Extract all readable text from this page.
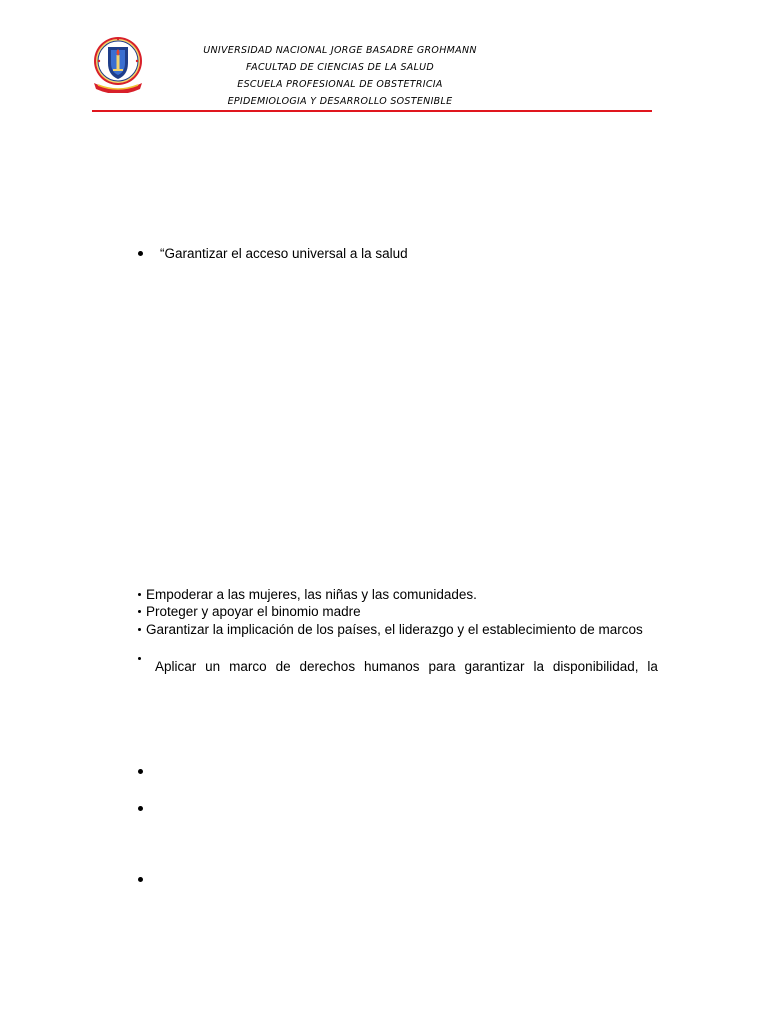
UNIVERSIDAD NACIONAL JORGE BASADRE GROHMANN
FACULTAD DE CIENCIAS DE LA SALUD
ESCUELA PROFESIONAL DE OBSTETRICIA
EPIDEMIOLOGIA Y DESARROLLO SOSTENIBLE
“Garantizar el acceso universal a la salud
Empoderar a las mujeres, las niñas y las comunidades.
Proteger y apoyar el binomio madre
Garantizar la implicación de los países, el liderazgo y el establecimiento de marcos
Aplicar un marco de derechos humanos para garantizar la disponibilidad, la
